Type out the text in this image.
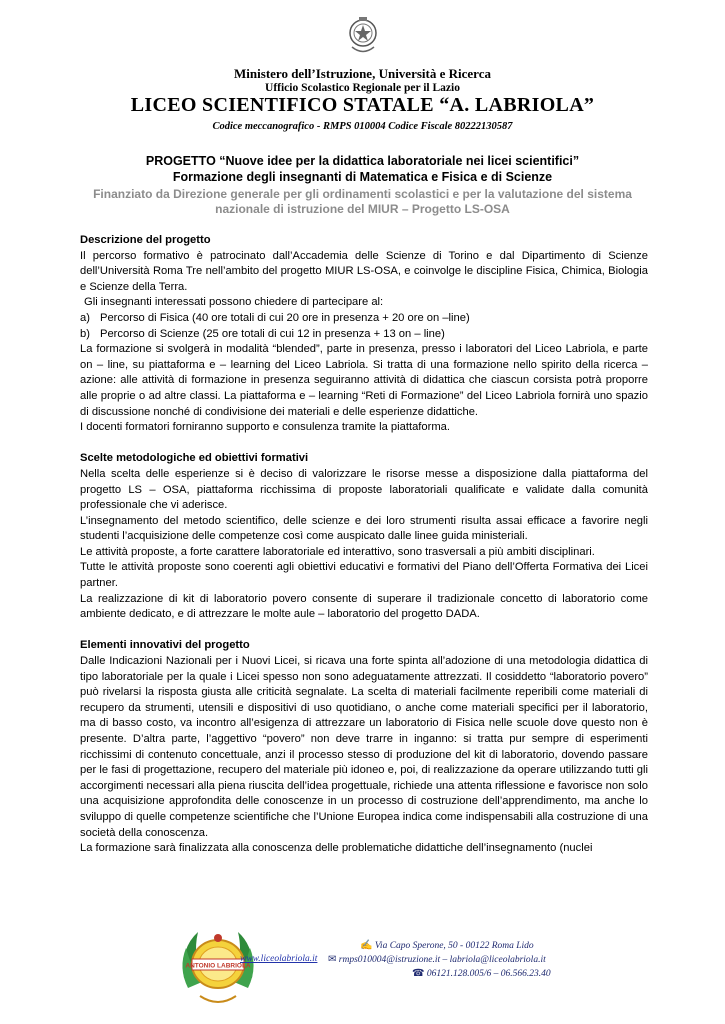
Ministero dell’Istruzione, Università e Ricerca
Ufficio Scolastico Regionale per il Lazio
LICEO SCIENTIFICO STATALE “A. LABRIOLA”
Codice meccanografico - RMPS 010004 Codice Fiscale 80222130587
PROGETTO “Nuove idee per la didattica laboratoriale nei licei scientifici”
Formazione degli insegnanti di Matematica e Fisica e di Scienze
Finanziato da Direzione generale per gli ordinamenti scolastici e per la valutazione del sistema nazionale di istruzione del MIUR – Progetto LS-OSA
Descrizione del progetto

Il percorso formativo è patrocinato dall’Accademia delle Scienze di Torino e dal Dipartimento di Scienze dell’Università Roma Tre nell’ambito del progetto MIUR LS-OSA, e coinvolge le discipline Fisica, Chimica, Biologia e Scienze della Terra.

Gli insegnanti interessati possono chiedere di partecipare al:

a) Percorso di Fisica (40 ore totali di cui 20 ore in presenza + 20 ore on –line)
b) Percorso di Scienze (25 ore totali di cui 12 in presenza + 13 on – line)

La formazione si svolgerà in modalità “blended”, parte in presenza, presso i laboratori del Liceo Labriola, e parte on – line, su piattaforma e – learning del Liceo Labriola. Si tratta di una formazione nello spirito della ricerca – azione: alle attività di formazione in presenza seguiranno attività di didattica che ciascun corsista potrà proporre alle proprie o ad altre classi. La piattaforma e – learning “Reti di Formazione” del Liceo Labriola fornirà uno spazio di discussione nonché di condivisione dei materiali e delle esperienze didattiche.

I docenti formatori forniranno supporto e consulenza tramite la piattaforma.

Scelte metodologiche ed obiettivi formativi

Nella scelta delle esperienze si è deciso di valorizzare le risorse messe a disposizione dalla piattaforma del progetto LS – OSA, piattaforma ricchissima di proposte laboratoriali qualificate e validate dalla comunità professionale che vi aderisce.

L’insegnamento del metodo scientifico, delle scienze e dei loro strumenti risulta assai efficace a favorire negli studenti l’acquisizione delle competenze così come auspicato dalle linee guida ministeriali.

Le attività proposte, a forte carattere laboratoriale ed interattivo, sono trasversali a più ambiti disciplinari.

Tutte le attività proposte sono coerenti agli obiettivi educativi e formativi del Piano dell’Offerta Formativa dei Licei partner.

La realizzazione di kit di laboratorio povero consente di superare il tradizionale concetto di laboratorio come ambiente dedicato, e di attrezzare le molte aule – laboratorio del progetto DADA.

Elementi innovativi del progetto

Dalle Indicazioni Nazionali per i Nuovi Licei, si ricava una forte spinta all’adozione di una metodologia didattica di tipo laboratoriale per la quale i Licei spesso non sono adeguatamente attrezzati. Il cosiddetto “laboratorio povero” può rivelarsi la risposta giusta alle criticità segnalate. La scelta di materiali facilmente reperibili come materiali di recupero da strumenti, utensili e dispositivi di uso quotidiano, o anche come materiali specifici per il laboratorio, ma di basso costo, va incontro all’esigenza di attrezzare un laboratorio di Fisica nelle scuole dove questo non è presente. D’altra parte, l’aggettivo “povero” non deve trarre in inganno: si tratta pur sempre di esperimenti ricchissimi di contenuto concettuale, anzi il processo stesso di produzione del kit di laboratorio, dovendo passare per le fasi di progettazione, recupero del materiale più idoneo e, poi, di realizzazione da operare utilizzando tutti gli accorgimenti necessari alla piena riuscita dell’idea progettuale, richiede una attenta riflessione e favorisce non solo una acquisizione approfondita delle conoscenze in un processo di costruzione dell’apprendimento, ma anche lo sviluppo di quelle competenze scientifiche che l’Unione Europea indica come indispensabili alla costruzione di una società della conoscenza.

La formazione sarà finalizzata alla conoscenza delle problematiche didattiche dell’insegnamento (nuclei

ANTONIO LABRIOLA
✍ Via Capo Sperone, 50 - 00122 Roma Lido
www.liceolabriola.it ✉ rmps010004@istruzione.it – labriola@liceolabriola.it
☎ 06121.128.005/6 – 06.566.23.40
